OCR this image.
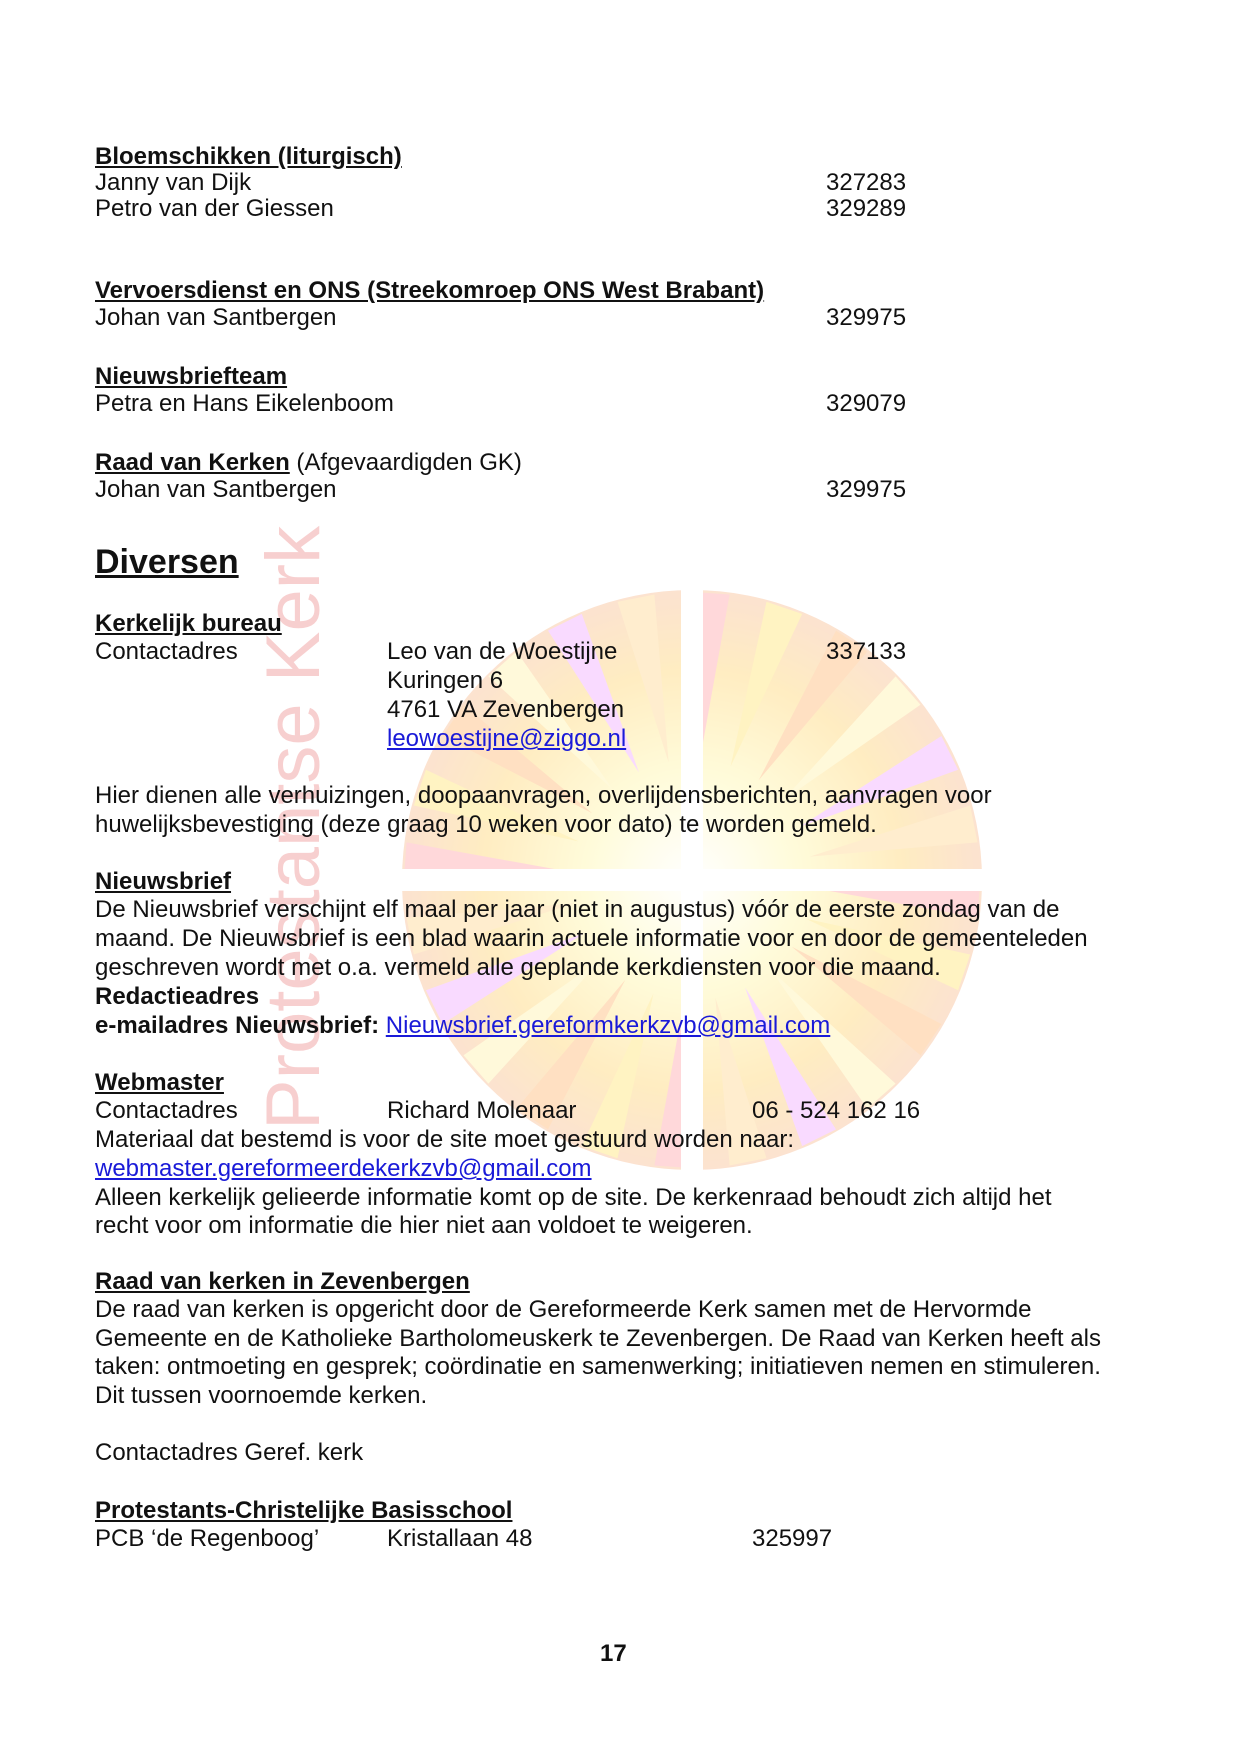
Protestantse Kerk
Bloemschikken (liturgisch)
Janny van Dijk	327283
Petro van der Giessen	329289
Vervoersdienst en ONS (Streekomroep ONS West Brabant)
Johan van Santbergen	329975
Nieuwsbriefteam
Petra en Hans Eikelenboom	329079
Raad van Kerken (Afgevaardigden GK)
Johan van Santbergen	329975
Diversen
Kerkelijk bureau
Contactadres	Leo van de Woestijne	337133
Kuringen 6
4761 VA Zevenbergen
leowoestijne@ziggo.nl
Hier dienen alle verhuizingen, doopaanvragen, overlijdensberichten, aanvragen voor
huwelijksbevestiging (deze graag 10 weken voor dato) te worden gemeld.
Nieuwsbrief
De Nieuwsbrief verschijnt elf maal per jaar (niet in augustus) vóór de eerste zondag van de
maand. De Nieuwsbrief is een blad waarin actuele informatie voor en door de gemeenteleden
geschreven wordt met o.a. vermeld alle geplande kerkdiensten voor die maand.
Redactieadres
e-mailadres Nieuwsbrief: Nieuwsbrief.gereformkerkzvb@gmail.com
Webmaster
Contactadres	Richard Molenaar	06 - 524 162 16
Materiaal dat bestemd is voor de site moet gestuurd worden naar:
webmaster.gereformeerdekerkzvb@gmail.com
Alleen kerkelijk gelieerde informatie komt op de site. De kerkenraad behoudt zich altijd het
recht voor om informatie die hier niet aan voldoet te weigeren.
Raad van kerken in Zevenbergen
De raad van kerken is opgericht door de Gereformeerde Kerk samen met de Hervormde
Gemeente en de Katholieke Bartholomeuskerk te Zevenbergen. De Raad van Kerken heeft als
taken: ontmoeting en gesprek; coördinatie en samenwerking; initiatieven nemen en stimuleren.
Dit tussen voornoemde kerken.
Contactadres Geref. kerk
Protestants-Christelijke Basisschool
PCB ‘de Regenboog’	Kristallaan 48	325997
17
